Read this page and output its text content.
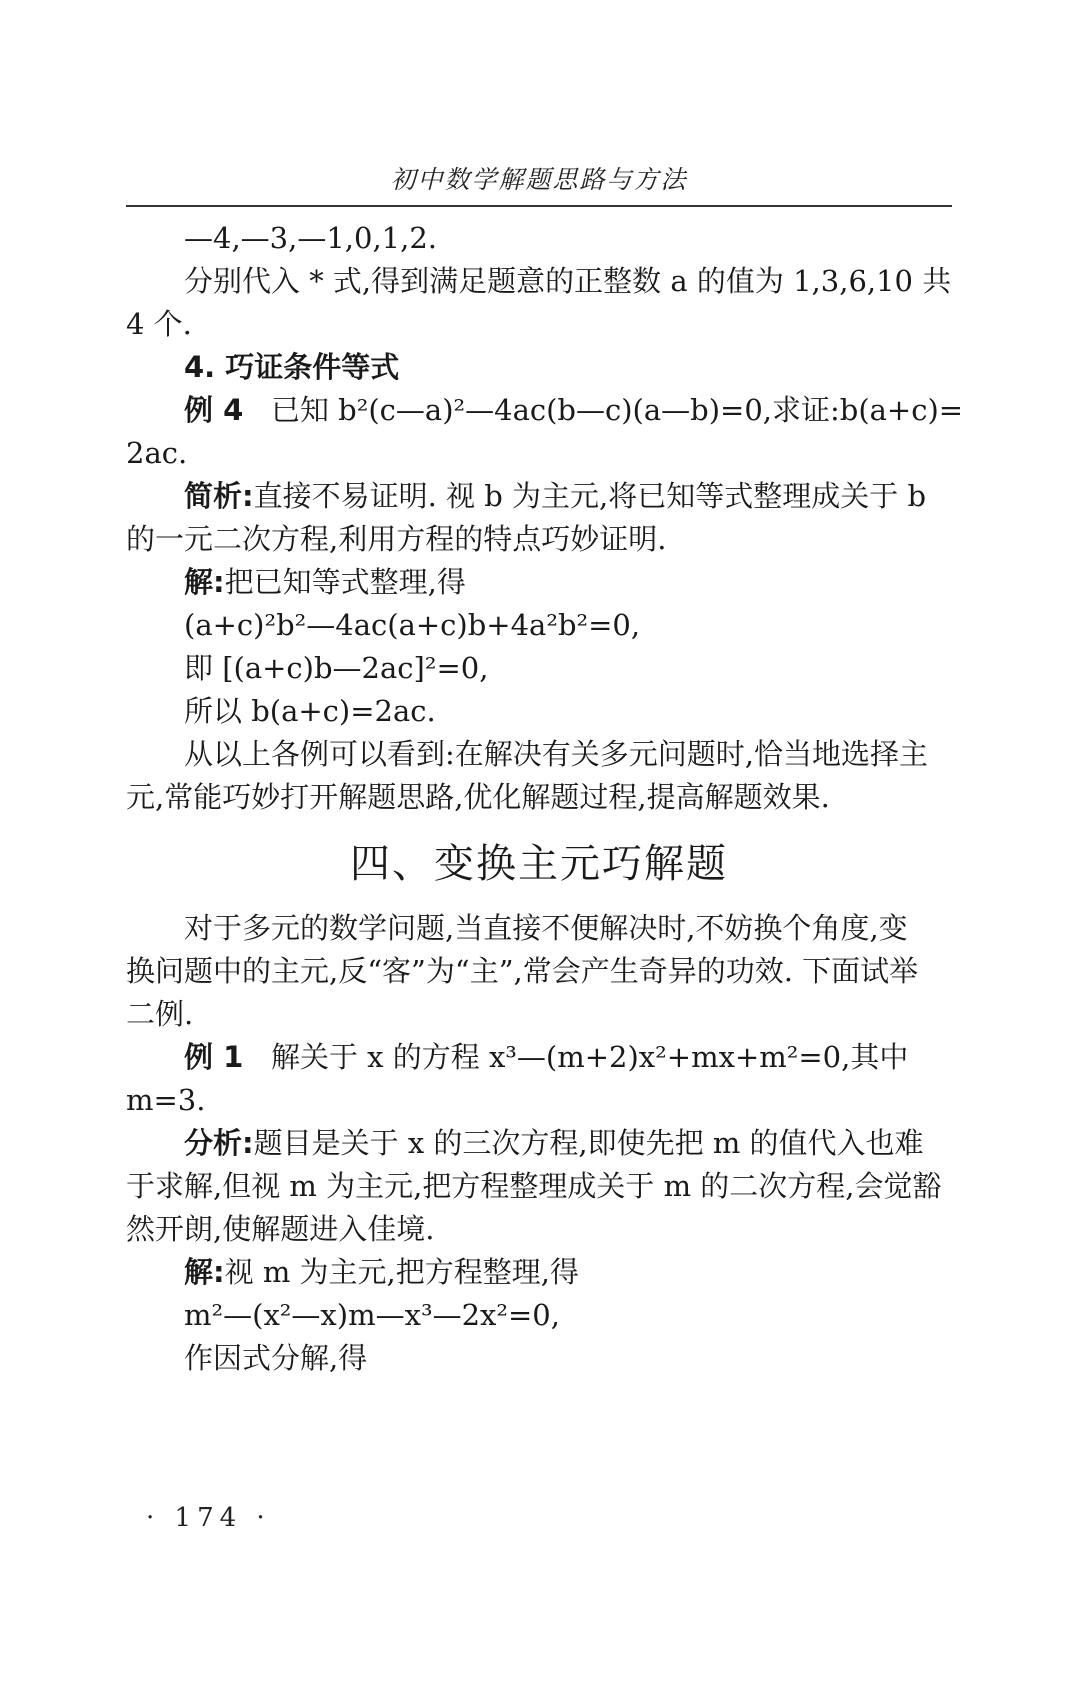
初中数学解题思路与方法
—4,—3,—1,0,1,2.
分别代入 * 式,得到满足题意的正整数 a 的值为 1,3,6,10 共
4 个.
4. 巧证条件等式
例 4 已知 b²(c—a)²—4ac(b—c)(a—b)=0,求证:b(a+c)=
2ac.
简析:直接不易证明. 视 b 为主元,将已知等式整理成关于 b
的一元二次方程,利用方程的特点巧妙证明.
解:把已知等式整理,得
(a+c)²b²—4ac(a+c)b+4a²b²=0,
即 [(a+c)b—2ac]²=0,
所以 b(a+c)=2ac.
从以上各例可以看到:在解决有关多元问题时,恰当地选择主
元,常能巧妙打开解题思路,优化解题过程,提高解题效果.
四、变换主元巧解题
对于多元的数学问题,当直接不便解决时,不妨换个角度,变
换问题中的主元,反“客”为“主”,常会产生奇异的功效. 下面试举
二例.
例 1 解关于 x 的方程 x³—(m+2)x²+mx+m²=0,其中
m=3.
分析:题目是关于 x 的三次方程,即使先把 m 的值代入也难
于求解,但视 m 为主元,把方程整理成关于 m 的二次方程,会觉豁
然开朗,使解题进入佳境.
解:视 m 为主元,把方程整理,得
m²—(x²—x)m—x³—2x²=0,
作因式分解,得
· 174 ·
